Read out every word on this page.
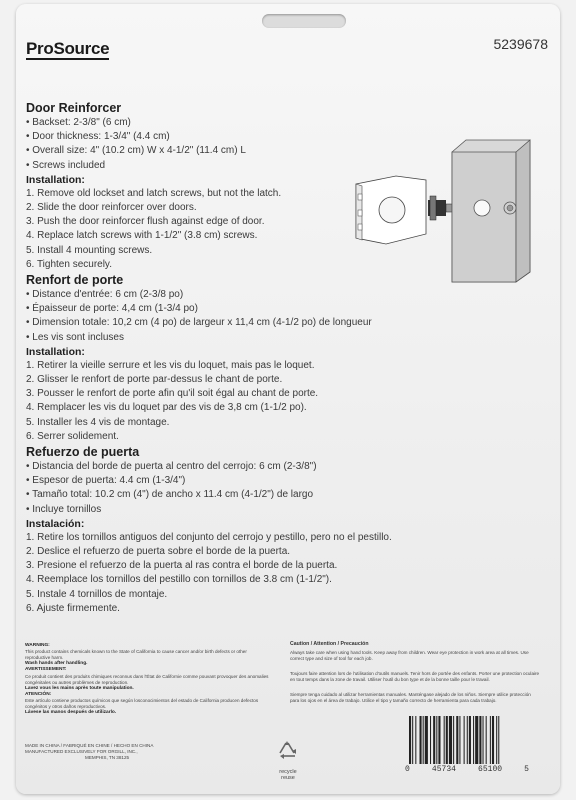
ProSource	5239678
Door Reinforcer
• Backset: 2-3/8" (6 cm)
• Door thickness: 1-3/4" (4.4 cm)
• Overall size: 4" (10.2 cm) W x 4-1/2" (11.4 cm) L
• Screws included
Installation:
1. Remove old lockset and latch screws, but not the latch.
2. Slide the door reinforcer over doors.
3. Push the door reinforcer flush against edge of door.
4. Replace latch screws with 1-1/2" (3.8 cm) screws.
5. Install 4 mounting screws.
6. Tighten securely.
Renfort de porte
• Distance d'entrée: 6 cm (2-3/8 po)
• Épaisseur de porte: 4,4 cm (1-3/4 po)
• Dimension totale: 10,2 cm (4 po) de largeur x 11,4 cm (4-1/2 po) de longueur
• Les vis sont incluses
Installation:
1. Retirer la vieille serrure et les vis du loquet, mais pas le loquet.
2. Glisser le renfort de porte par-dessus le chant de porte.
3. Pousser le renfort de porte afin qu'il soit égal au chant de porte.
4. Remplacer les vis du loquet par des vis de 3,8 cm (1-1/2 po).
5. Installer les 4 vis de montage.
6. Serrer solidement.
Refuerzo de puerta
• Distancia del borde de puerta al centro del cerrojo: 6 cm (2-3/8")
• Espesor de puerta: 4.4 cm (1-3/4")
• Tamaño total: 10.2 cm (4") de ancho x 11.4 cm (4-1/2") de largo
• Incluye tornillos
Instalación:
1. Retire los tornillos antiguos del conjunto del cerrojo y pestillo, pero no el pestillo.
2. Deslice el refuerzo de puerta sobre el borde de la puerta.
3. Presione el refuerzo de la puerta al ras contra el borde de la puerta.
4. Reemplace los tornillos del pestillo con tornillos de 3.8 cm (1-1/2").
5. Instale 4 tornillos de montaje.
6. Ajuste firmemente.
WARNING:
This product contains chemicals known to the State of California to cause cancer and/or birth defects or other reproductive harm.
Wash hands after handling.
AVERTISSEMENT:
Ce produit contient des produits chimiques reconnus dans l'État de Californie comme pouvant provoquer des anomalies congénitales ou autres problèmes de reproduction.
Lavez vous les mains après toute manipulation.
ATENCIÓN:
Este artículo contiene productos químicos que según losconocimientos del estado de California producen defectos congénitos y otros daños reproductivos.
Lávese las manos después de utilizarlo.
Caution / Attention / Precaución
Always take care when using hand tools. Keep away from children. Wear eye protection in work area at all times. Use correct type and size of tool for each job.
Toujours faire attention lors de l'utilisation d'outils manuels. Tenir hors de portée des enfants. Porter une protection oculaire en tout temps dans la zone de travail. Utiliser l'outil du bon type et de la bonne taille pour le travail.
Siempre tenga cuidado al utilizar herramientas manuales. Manténgase alejado de los niños. Siempre utilice protección para los ojos en el área de trabajo. Utilice el tipo y tamaño correcto de herramienta para cada trabajo.
MADE IN CHINA / FABRIQUÉ EN CHINE / HECHO EN CHINA
MANUFACTURED EXCLUSIVELY FOR ORGILL, INC.,
MEMPHIS, TN 38125
recycle
reuse
0	45734	65100	5
